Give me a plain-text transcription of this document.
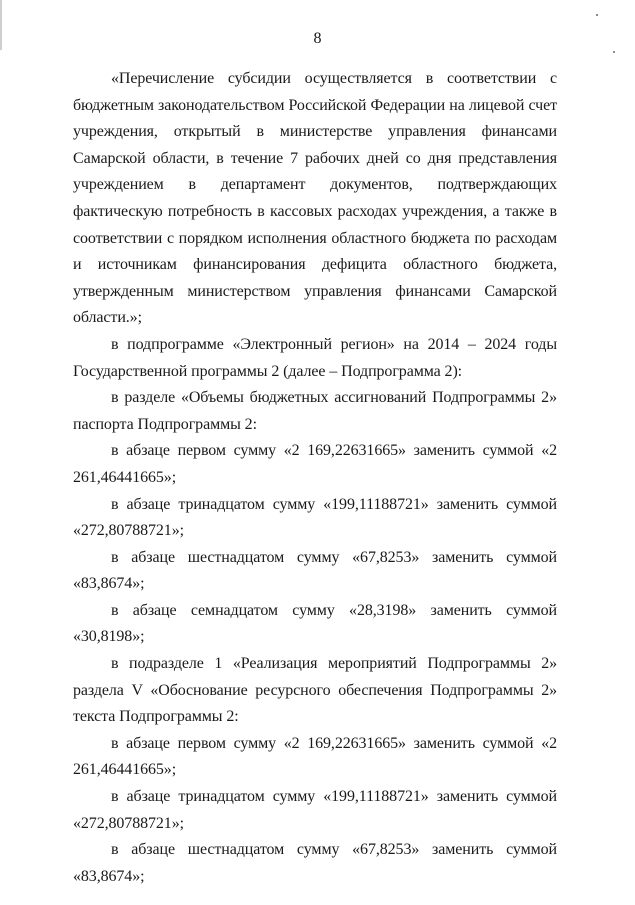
8

«Перечисление субсидии осуществляется в соответствии с бюджетным законодательством Российской Федерации на лицевой счет учреждения, открытый в министерстве управления финансами Самарской области, в течение 7 рабочих дней со дня представления учреждением в департамент документов, подтверждающих фактическую потребность в кассовых расходах учреждения, а также в соответствии с порядком исполнения областного бюджета по расходам и источникам финансирования дефицита областного бюджета, утвержденным министерством управления финансами Самарской области.»;

в подпрограмме «Электронный регион» на 2014 – 2024 годы Государственной программы 2 (далее – Подпрограмма 2):

в разделе «Объемы бюджетных ассигнований Подпрограммы 2» паспорта Подпрограммы 2:

в абзаце первом сумму «2 169,22631665» заменить суммой «2 261,46441665»;

в абзаце тринадцатом сумму «199,11188721» заменить суммой «272,80788721»;

в абзаце шестнадцатом сумму «67,8253» заменить суммой «83,8674»;

в абзаце семнадцатом сумму «28,3198» заменить суммой «30,8198»;

в подразделе 1 «Реализация мероприятий Подпрограммы 2» раздела V «Обоснование ресурсного обеспечения Подпрограммы 2» текста Подпрограммы 2:

в абзаце первом сумму «2 169,22631665» заменить суммой «2 261,46441665»;

в абзаце тринадцатом сумму «199,11188721» заменить суммой «272,80788721»;

в абзаце шестнадцатом сумму «67,8253» заменить суммой «83,8674»;
